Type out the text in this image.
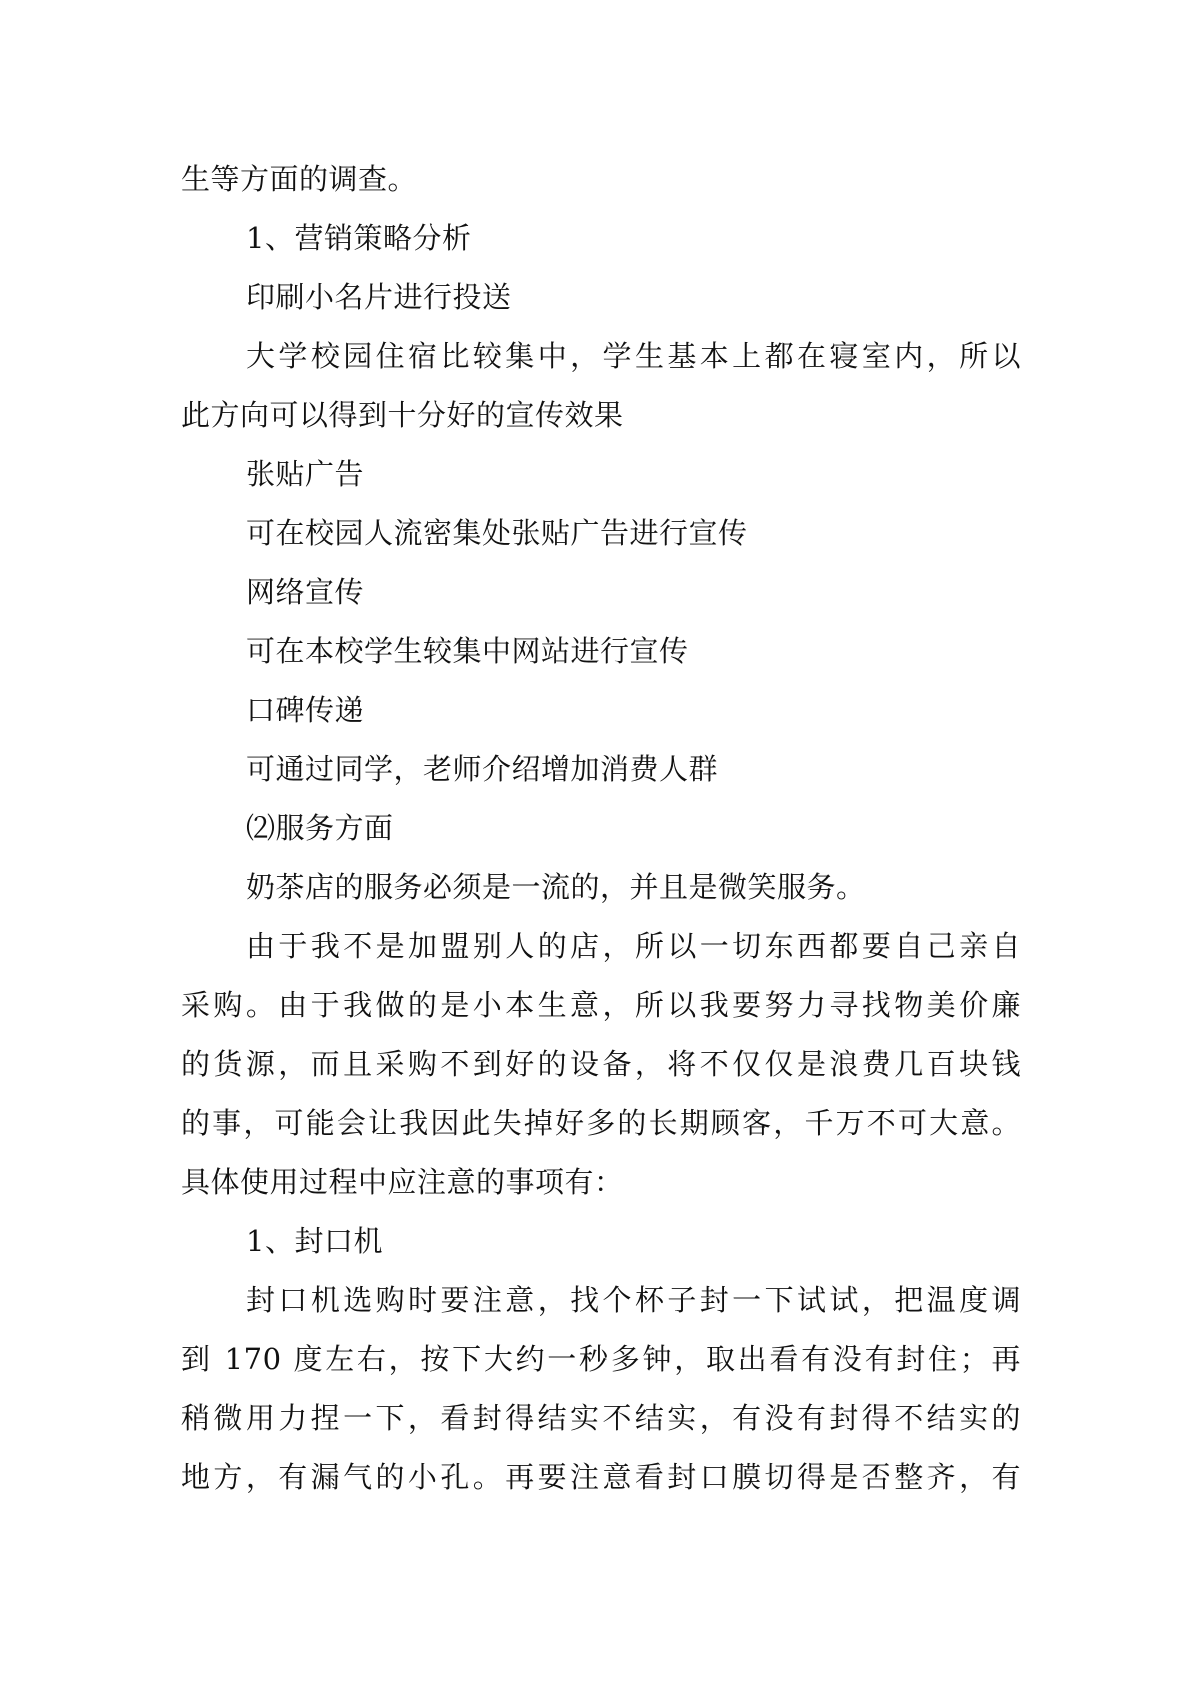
生等方面的调查。
1、营销策略分析
印刷小名片进行投送
大学校园住宿比较集中，学生基本上都在寝室内，所以
此方向可以得到十分好的宣传效果
张贴广告
可在校园人流密集处张贴广告进行宣传
网络宣传
可在本校学生较集中网站进行宣传
口碑传递
可通过同学，老师介绍增加消费人群
⑵服务方面
奶茶店的服务必须是一流的，并且是微笑服务。
由于我不是加盟别人的店，所以一切东西都要自己亲自
采购。由于我做的是小本生意，所以我要努力寻找物美价廉
的货源，而且采购不到好的设备，将不仅仅是浪费几百块钱
的事，可能会让我因此失掉好多的长期顾客，千万不可大意。
具体使用过程中应注意的事项有：
1、封口机
封口机选购时要注意，找个杯子封一下试试，把温度调
到 170 度左右，按下大约一秒多钟，取出看有没有封住；再
稍微用力捏一下，看封得结实不结实，有没有封得不结实的
地方，有漏气的小孔。再要注意看封口膜切得是否整齐，有
